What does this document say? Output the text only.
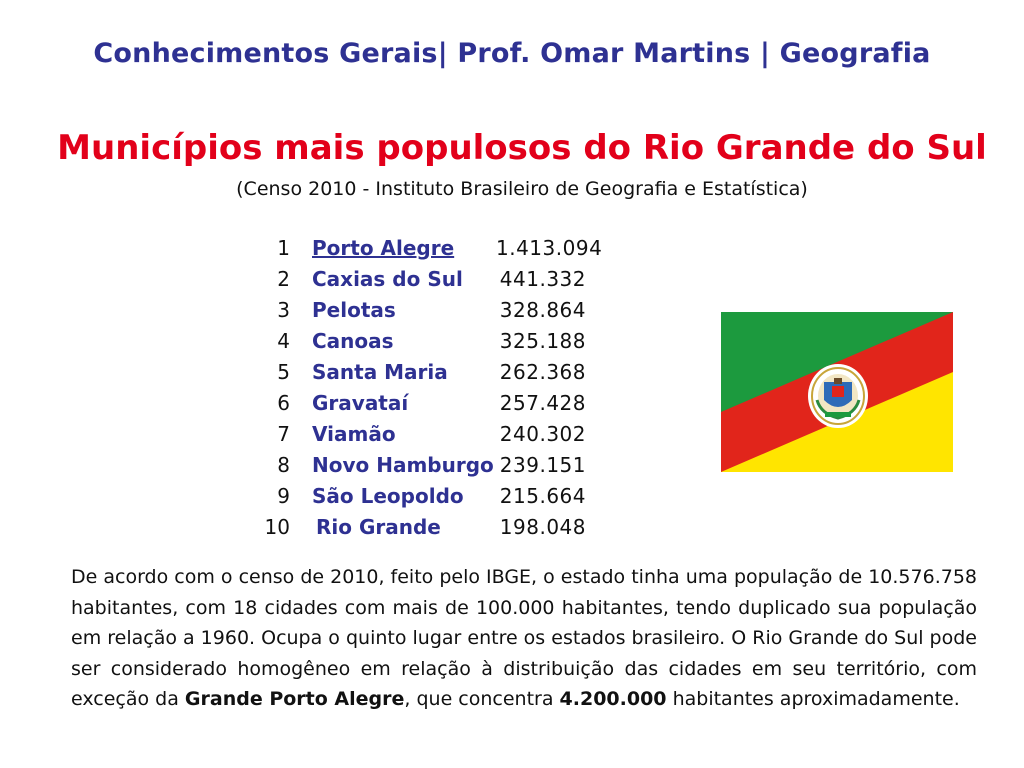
Conhecimentos Gerais| Prof. Omar Martins | Geografia
Municípios mais populosos do Rio Grande do Sul
(Censo 2010 - Instituto Brasileiro de Geografia e Estatística)
1 Porto Alegre 1.413.094
2 Caxias do Sul 441.332
3 Pelotas	328.864
4 Canoas	325.188
5 Santa Maria	262.368
6 Gravataí	257.428
7 Viamão	240.302
8 Novo Hamburgo 239.151
9 São Leopoldo 215.664
10 Rio Grande	198.048
De acordo com o censo de 2010, feito pelo IBGE, o estado tinha uma população de 10.576.758 habitantes, com 18 cidades com mais de 100.000 habitantes, tendo duplicado sua população em relação a 1960. Ocupa o quinto lugar entre os estados brasileiro. O Rio Grande do Sul pode ser considerado homogêneo em relação à distribuição das cidades em seu território, com exceção da Grande Porto Alegre, que concentra 4.200.000 habitantes aproximadamente.
